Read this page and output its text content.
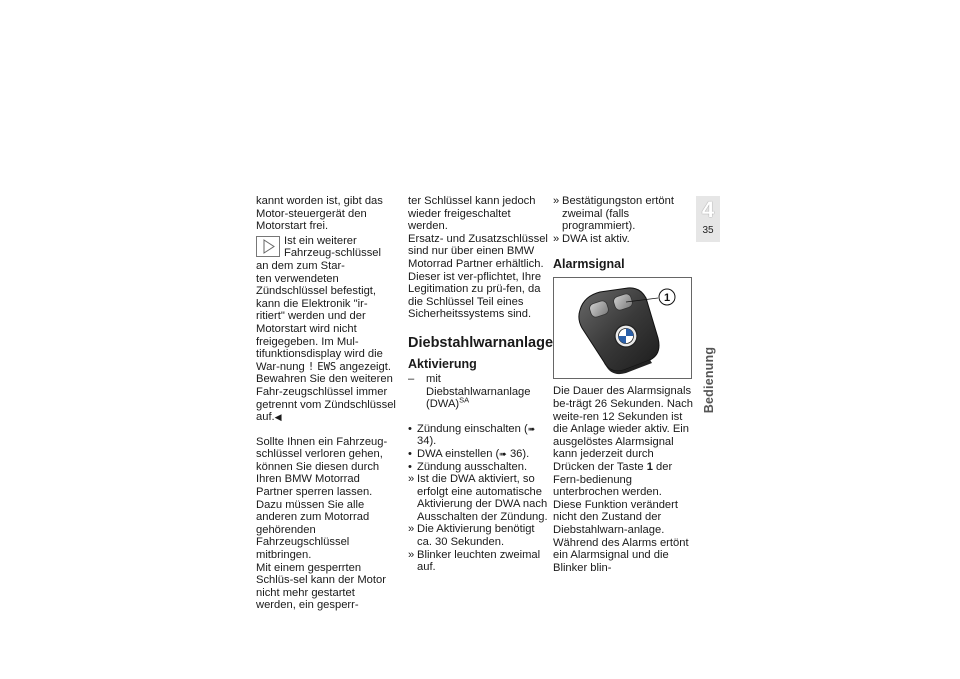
kannt worden ist, gibt das Motor-steuergerät den Motorstart frei.

Ist ein weiterer Fahrzeug-schlüssel an dem zum Star-

ten verwendeten Zündschlüssel befestigt, kann die Elektronik "ir-ritiert" werden und der Motorstart wird nicht freigegeben. Im Mul-tifunktionsdisplay wird die War-nung ! EWS angezeigt.

Bewahren Sie den weiteren Fahr-zeugschlüssel immer getrennt vom Zündschlüssel auf.◀

Sollte Ihnen ein Fahrzeug-schlüssel verloren gehen, können Sie diesen durch Ihren BMW Motorrad Partner sperren lassen. Dazu müssen Sie alle anderen zum Motorrad gehörenden Fahrzeugschlüssel mitbringen.

Mit einem gesperrten Schlüs-sel kann der Motor nicht mehr gestartet werden, ein gesperr-

ter Schlüssel kann jedoch wieder freigeschaltet werden.

Ersatz- und Zusatzschlüssel sind nur über einen BMW Motorrad Partner erhältlich. Dieser ist ver-pflichtet, Ihre Legitimation zu prü-fen, da die Schlüssel Teil eines Sicherheitssystems sind.

Diebstahlwarnanlage
Aktivierung
– mit Diebstahlwarnanlage (DWA)$^{SA}$
• Zündung einschalten (➠ 34).
• DWA einstellen (➠ 36).
• Zündung ausschalten.
» Ist die DWA aktiviert, so erfolgt eine automatische Aktivierung der DWA nach Ausschalten der Zündung.
» Die Aktivierung benötigt ca. 30 Sekunden.
» Blinker leuchten zweimal auf.
» Bestätigungston ertönt zweimal (falls programmiert).
» DWA ist aktiv.
Alarmsignal
1

Die Dauer des Alarmsignals be-trägt 26 Sekunden. Nach weite-ren 12 Sekunden ist die Anlage wieder aktiv. Ein ausgelöstes Alarmsignal kann jederzeit durch Drücken der Taste 1 der Fern-bedienung unterbrochen werden.

Diese Funktion verändert nicht den Zustand der Diebstahlwarn-anlage.

Während des Alarms ertönt ein Alarmsignal und die Blinker blin-

4
35
Bedienung
